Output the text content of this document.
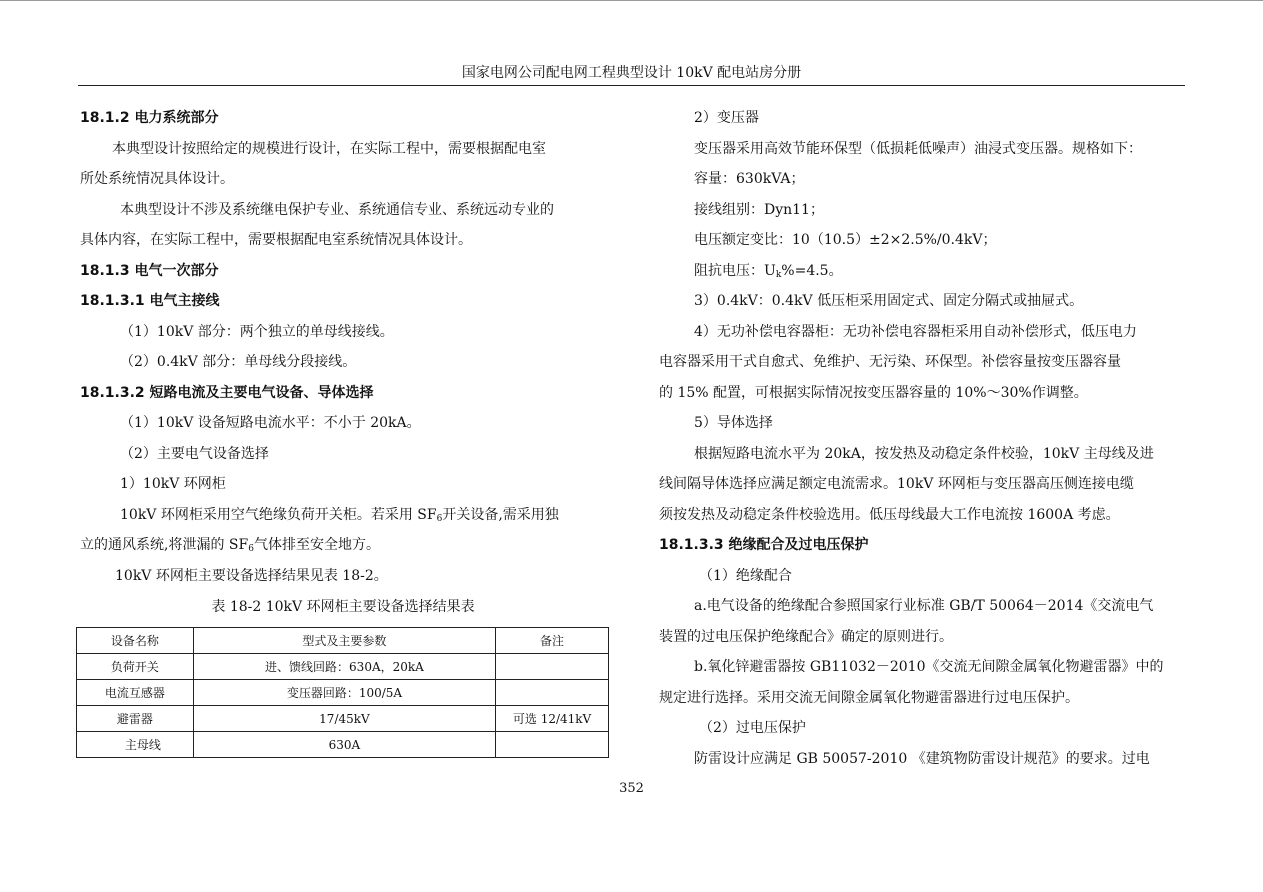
国家电网公司配电网工程典型设计 10kV 配电站房分册
18.1.2 电力系统部分
本典型设计按照给定的规模进行设计，在实际工程中，需要根据配电室
所处系统情况具体设计。
本典型设计不涉及系统继电保护专业、系统通信专业、系统远动专业的
具体内容，在实际工程中，需要根据配电室系统情况具体设计。
18.1.3 电气一次部分
18.1.3.1 电气主接线
（1）10kV 部分：两个独立的单母线接线。
（2）0.4kV 部分：单母线分段接线。
18.1.3.2 短路电流及主要电气设备、导体选择
（1）10kV 设备短路电流水平：不小于 20kA。
（2）主要电气设备选择
1）10kV 环网柜
10kV 环网柜采用空气绝缘负荷开关柜。若采用 $SF_6$开关设备,需采用独
立的通风系统,将泄漏的 $SF_6$气体排至安全地方。
10kV 环网柜主要设备选择结果见表 18-2。
表 18-2 10kV 环网柜主要设备选择结果表
设备名称	型式及主要参数	备注
负荷开关	进、馈线回路：630A，20kA	
电流互感器	变压器回路：100/5A	
避雷器	17/45kV	可选 12/41kV
主母线	630A	
2）变压器
变压器采用高效节能环保型（低损耗低噪声）油浸式变压器。规格如下：
容量：630kVA；
接线组别：Dyn11；
电压额定变比：10（10.5）±2×2.5%/0.4kV；
阻抗电压：$U_k\%=4.5$。
3）0.4kV：0.4kV 低压柜采用固定式、固定分隔式或抽屉式。
4）无功补偿电容器柜：无功补偿电容器柜采用自动补偿形式，低压电力
电容器采用干式自愈式、免维护、无污染、环保型。补偿容量按变压器容量
的 15% 配置，可根据实际情况按变压器容量的 10%～30%作调整。
5）导体选择
根据短路电流水平为 20kA，按发热及动稳定条件校验，10kV 主母线及进
线间隔导体选择应满足额定电流需求。10kV 环网柜与变压器高压侧连接电缆
须按发热及动稳定条件校验选用。低压母线最大工作电流按 1600A 考虑。
18.1.3.3 绝缘配合及过电压保护
（1）绝缘配合
a.电气设备的绝缘配合参照国家行业标准 GB/T 50064－2014《交流电气
装置的过电压保护绝缘配合》确定的原则进行。
b.氧化锌避雷器按 GB11032－2010《交流无间隙金属氧化物避雷器》中的
规定进行选择。采用交流无间隙金属氧化物避雷器进行过电压保护。
（2）过电压保护
防雷设计应满足 GB 50057-2010 《建筑物防雷设计规范》的要求。过电
352
